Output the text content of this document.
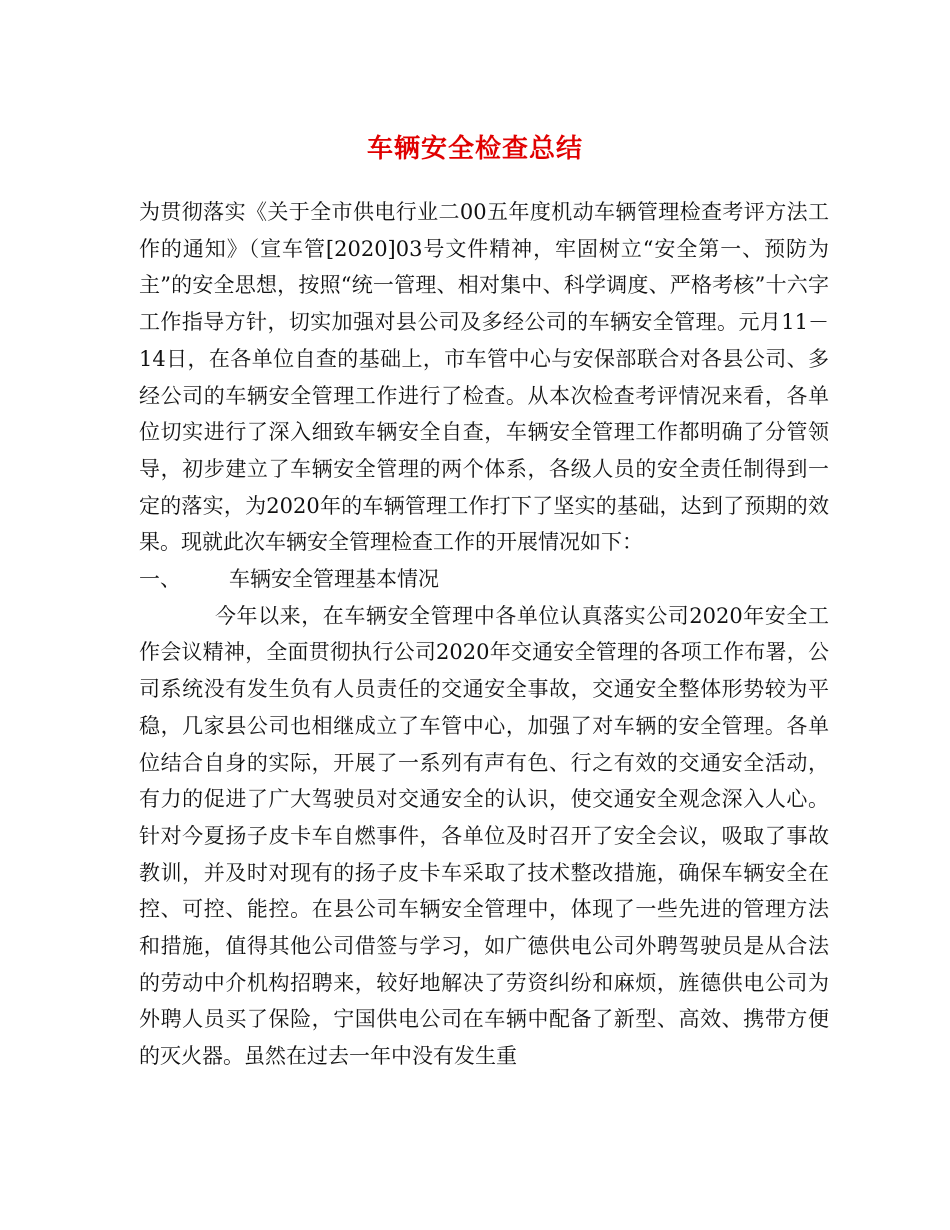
车辆安全检查总结

为贯彻落实《关于全市供电行业二00五年度机动车辆管理检查考评方法工作的通知》（宣车管[2020]03号文件精神，牢固树立“安全第一、预防为主”的安全思想，按照“统一管理、相对集中、科学调度、严格考核”十六字工作指导方针，切实加强对县公司及多经公司的车辆安全管理。元月11－14日，在各单位自查的基础上，市车管中心与安保部联合对各县公司、多经公司的车辆安全管理工作进行了检查。从本次检查考评情况来看，各单位切实进行了深入细致车辆安全自查，车辆安全管理工作都明确了分管领导，初步建立了车辆安全管理的两个体系，各级人员的安全责任制得到一定的落实，为2020年的车辆管理工作打下了坚实的基础，达到了预期的效果。现就此次车辆安全管理检查工作的开展情况如下：

一、	车辆安全管理基本情况

今年以来，在车辆安全管理中各单位认真落实公司2020年安全工作会议精神，全面贯彻执行公司2020年交通安全管理的各项工作布署，公司系统没有发生负有人员责任的交通安全事故，交通安全整体形势较为平稳，几家县公司也相继成立了车管中心，加强了对车辆的安全管理。各单位结合自身的实际，开展了一系列有声有色、行之有效的交通安全活动，有力的促进了广大驾驶员对交通安全的认识，使交通安全观念深入人心。针对今夏扬子皮卡车自燃事件，各单位及时召开了安全会议，吸取了事故教训，并及时对现有的扬子皮卡车采取了技术整改措施，确保车辆安全在控、可控、能控。在县公司车辆安全管理中，体现了一些先进的管理方法和措施，值得其他公司借签与学习，如广德供电公司外聘驾驶员是从合法的劳动中介机构招聘来，较好地解决了劳资纠纷和麻烦，旌德供电公司为外聘人员买了保险，宁国供电公司在车辆中配备了新型、高效、携带方便的灭火器。虽然在过去一年中没有发生重
